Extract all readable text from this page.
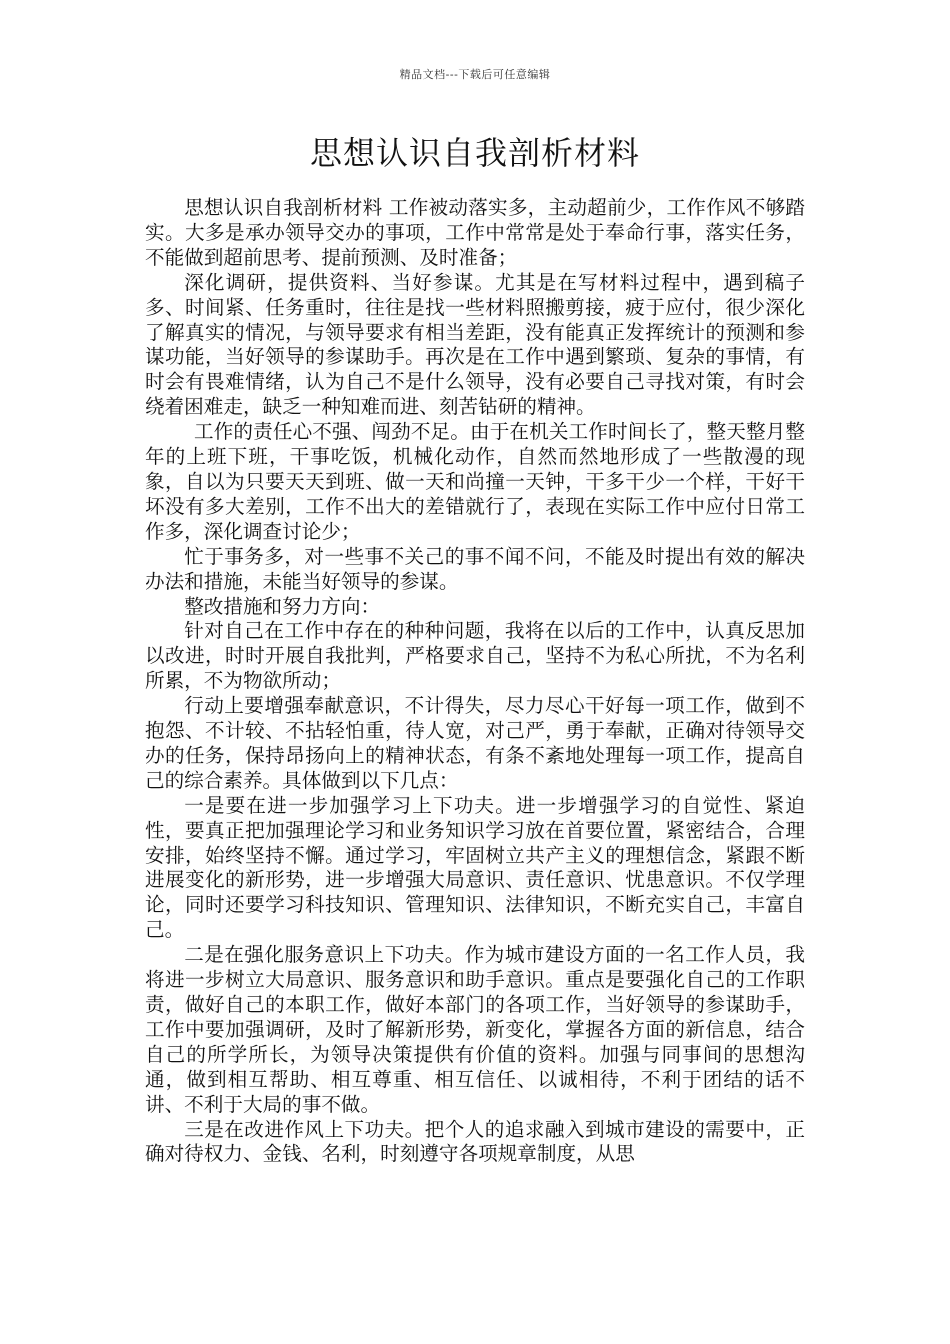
精品文档---下载后可任意编辑
思想认识自我剖析材料

思想认识自我剖析材料 工作被动落实多，主动超前少，工作作风不够踏实。大多是承办领导交办的事项，工作中常常是处于奉命行事，落实任务，不能做到超前思考、提前预测、及时准备；

深化调研，提供资料、当好参谋。尤其是在写材料过程中，遇到稿子多、时间紧、任务重时，往往是找一些材料照搬剪接，疲于应付，很少深化了解真实的情况，与领导要求有相当差距，没有能真正发挥统计的预测和参谋功能，当好领导的参谋助手。再次是在工作中遇到繁琐、复杂的事情，有时会有畏难情绪，认为自己不是什么领导，没有必要自己寻找对策，有时会绕着困难走，缺乏一种知难而进、刻苦钻研的精神。

工作的责任心不强、闯劲不足。由于在机关工作时间长了，整天整月整年的上班下班，干事吃饭，机械化动作，自然而然地形成了一些散漫的现象，自以为只要天天到班、做一天和尚撞一天钟，干多干少一个样，干好干坏没有多大差别，工作不出大的差错就行了，表现在实际工作中应付日常工作多，深化调查讨论少；

忙于事务多，对一些事不关己的事不闻不问，不能及时提出有效的解决办法和措施，未能当好领导的参谋。

整改措施和努力方向：

针对自己在工作中存在的种种问题，我将在以后的工作中，认真反思加以改进，时时开展自我批判，严格要求自己，坚持不为私心所扰，不为名利所累，不为物欲所动；

行动上要增强奉献意识，不计得失，尽力尽心干好每一项工作，做到不抱怨、不计较、不拈轻怕重，待人宽，对己严，勇于奉献，正确对待领导交办的任务，保持昂扬向上的精神状态，有条不紊地处理每一项工作，提高自己的综合素养。具体做到以下几点：

一是要在进一步加强学习上下功夫。进一步增强学习的自觉性、紧迫性，要真正把加强理论学习和业务知识学习放在首要位置，紧密结合，合理安排，始终坚持不懈。通过学习，牢固树立共产主义的理想信念，紧跟不断进展变化的新形势，进一步增强大局意识、责任意识、忧患意识。不仅学理论，同时还要学习科技知识、管理知识、法律知识，不断充实自己，丰富自己。

二是在强化服务意识上下功夫。作为城市建设方面的一名工作人员，我将进一步树立大局意识、服务意识和助手意识。重点是要强化自己的工作职责，做好自己的本职工作，做好本部门的各项工作，当好领导的参谋助手，工作中要加强调研，及时了解新形势，新变化，掌握各方面的新信息，结合自己的所学所长，为领导决策提供有价值的资料。加强与同事间的思想沟通，做到相互帮助、相互尊重、相互信任、以诚相待，不利于团结的话不讲、不利于大局的事不做。

三是在改进作风上下功夫。把个人的追求融入到城市建设的需要中，正确对待权力、金钱、名利，时刻遵守各项规章制度，从思
